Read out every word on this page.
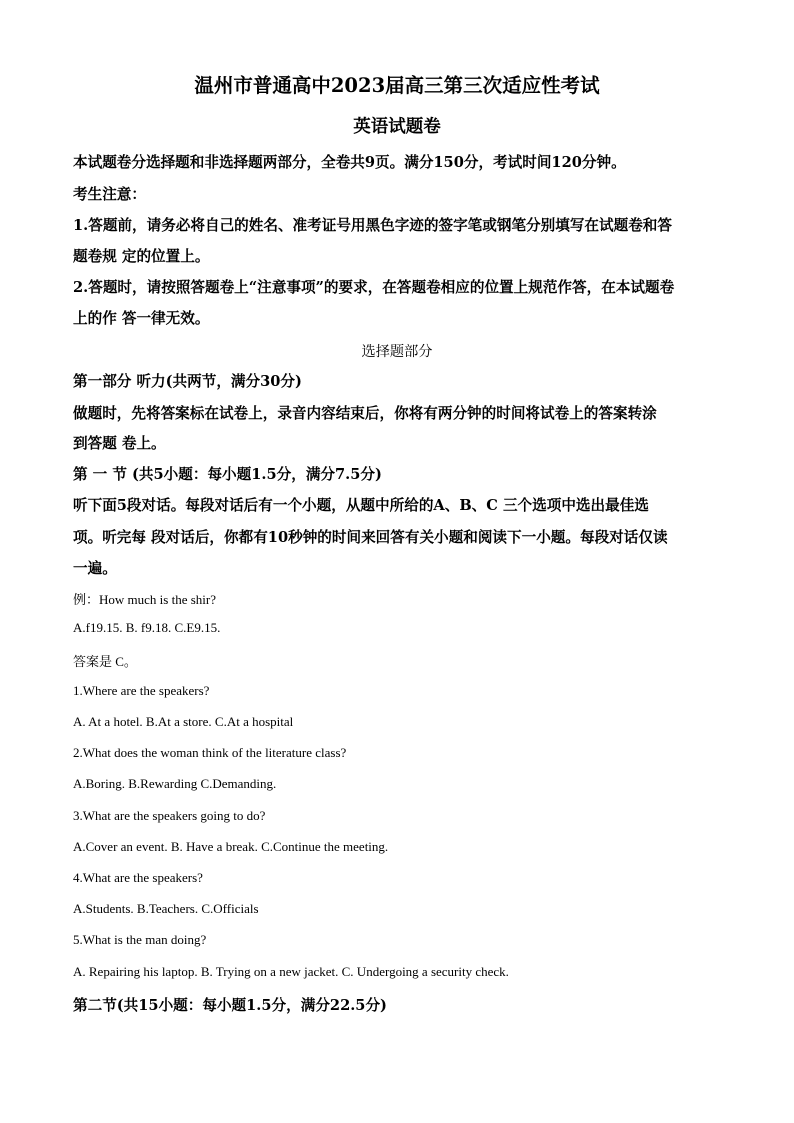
温州市普通高中2023届高三第三次适应性考试

英语试题卷

本试题卷分选择题和非选择题两部分，全卷共9页。满分150分，考试时间120分钟。

考生注意：

1.答题前，请务必将自己的姓名、准考证号用黑色字迹的签字笔或钢笔分别填写在试题卷和答

题卷规 定的位置上。

2.答题时，请按照答题卷上“注意事项”的要求，在答题卷相应的位置上规范作答，在本试题卷

上的作 答一律无效。

选择题部分

第一部分 听力(共两节，满分30分)

做题时，先将答案标在试卷上，录音内容结束后，你将有两分钟的时间将试卷上的答案转涂

到答题 卷上。

第 一 节 (共5小题：每小题1.5分，满分7.5分)

听下面5段对话。每段对话后有一个小题，从题中所给的A、B、C 三个选项中选出最佳选

项。听完每 段对话后，你都有10秒钟的时间来回答有关小题和阅读下一小题。每段对话仅读

一遍。

例：How much is the shir?

A.f19.15. B. f9.18. C.E9.15.

答案是 C。

1.Where are the speakers?

A. At a hotel. B.At a store. C.At a hospital

2.What does the woman think of the literature class?

A.Boring. B.Rewarding C.Demanding.

3.What are the speakers going to do?

A.Cover an event. B. Have a break. C.Continue the meeting.

4.What are the speakers?

A.Students. B.Teachers. C.Officials

5.What is the man doing?

A. Repairing his laptop. B. Trying on a new jacket. C. Undergoing a security check.

第二节(共15小题：每小题1.5分，满分22.5分)
